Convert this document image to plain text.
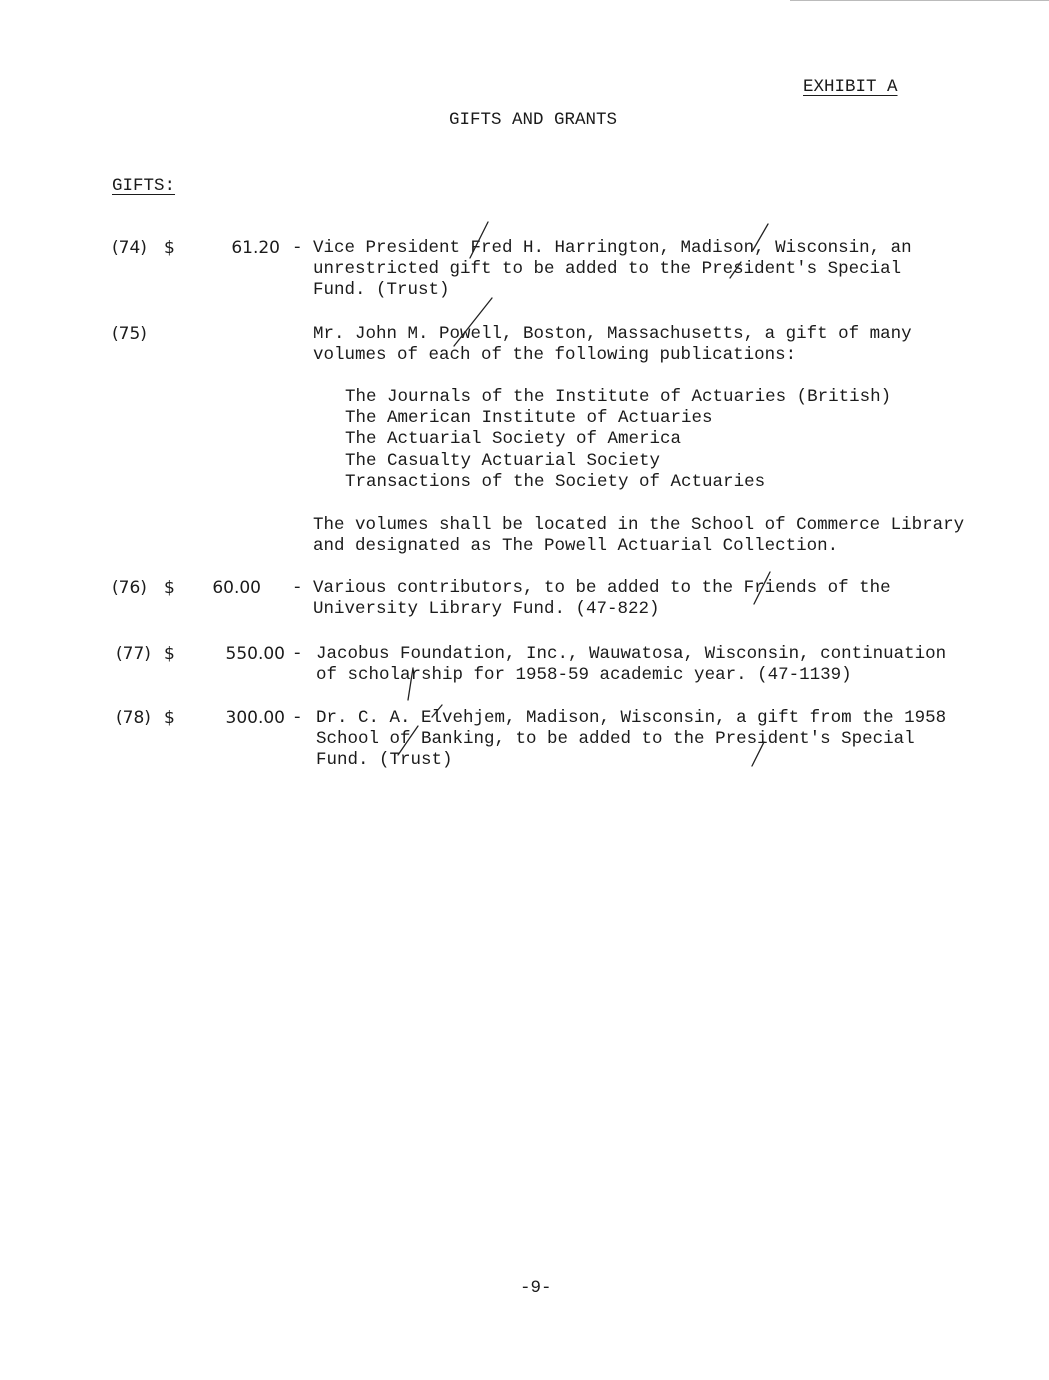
EXHIBIT A
GIFTS AND GRANTS
GIFTS:
(74) $	61.20 - Vice President Fred H. Harrington, Madison, Wisconsin, an
unrestricted gift to be added to the President's Special
Fund. (Trust)
(75)	Mr. John M. Powell, Boston, Massachusetts, a gift of many
volumes of each of the following publications:
The Journals of the Institute of Actuaries (British)
The American Institute of Actuaries
The Actuarial Society of America
The Casualty Actuarial Society
Transactions of the Society of Actuaries
The volumes shall be located in the School of Commerce Library
and designated as The Powell Actuarial Collection.
(76) $	60.00 - Various contributors, to be added to the Friends of the
University Library Fund. (47-822)
(77) $	550.00 - Jacobus Foundation, Inc., Wauwatosa, Wisconsin, continuation
of scholarship for 1958-59 academic year. (47-1139)
(78) $	300.00 - Dr. C. A. Elvehjem, Madison, Wisconsin, a gift from the 1958
School of Banking, to be added to the President's Special
Fund. (Trust)
-9-
